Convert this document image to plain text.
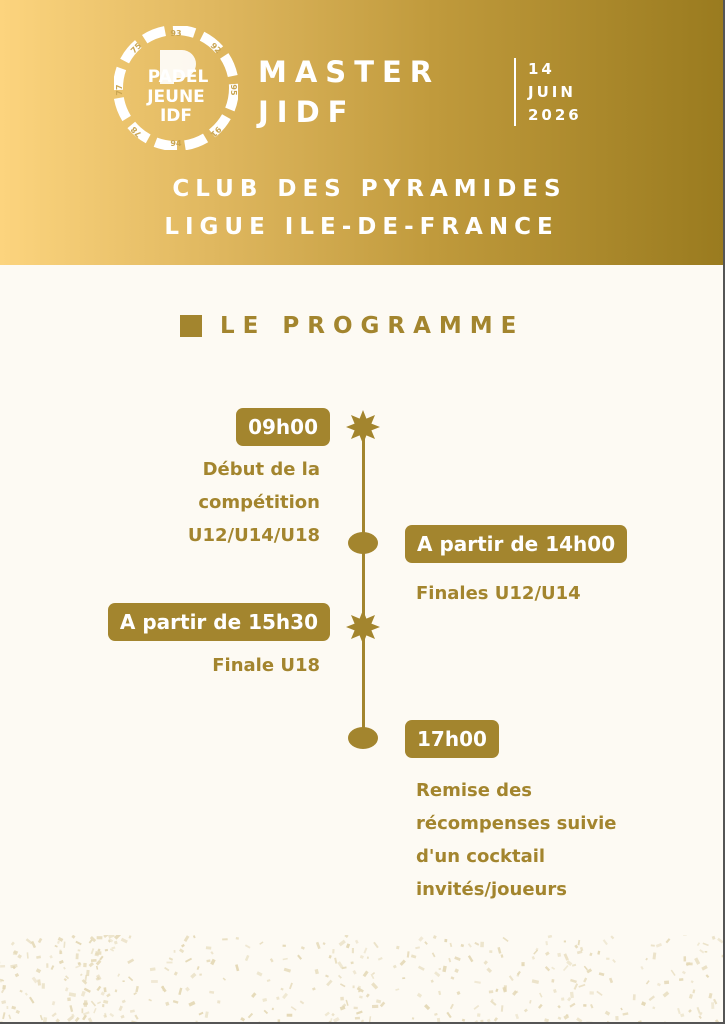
93
92
95
91
94
78
77
75
PADEL
JEUNE
IDF
MASTER
JIDF
14
JUIN
2026
CLUB DES PYRAMIDES
LIGUE ILE-DE-FRANCE
LE PROGRAMME
09h00
Début de la
compétition
U12/U14/U18	A partir de 14h00
Finales U12/U14
A partir de 15h30
Finale U18
17h00
Remise des
récompenses suivie
d'un cocktail
invités/joueurs
